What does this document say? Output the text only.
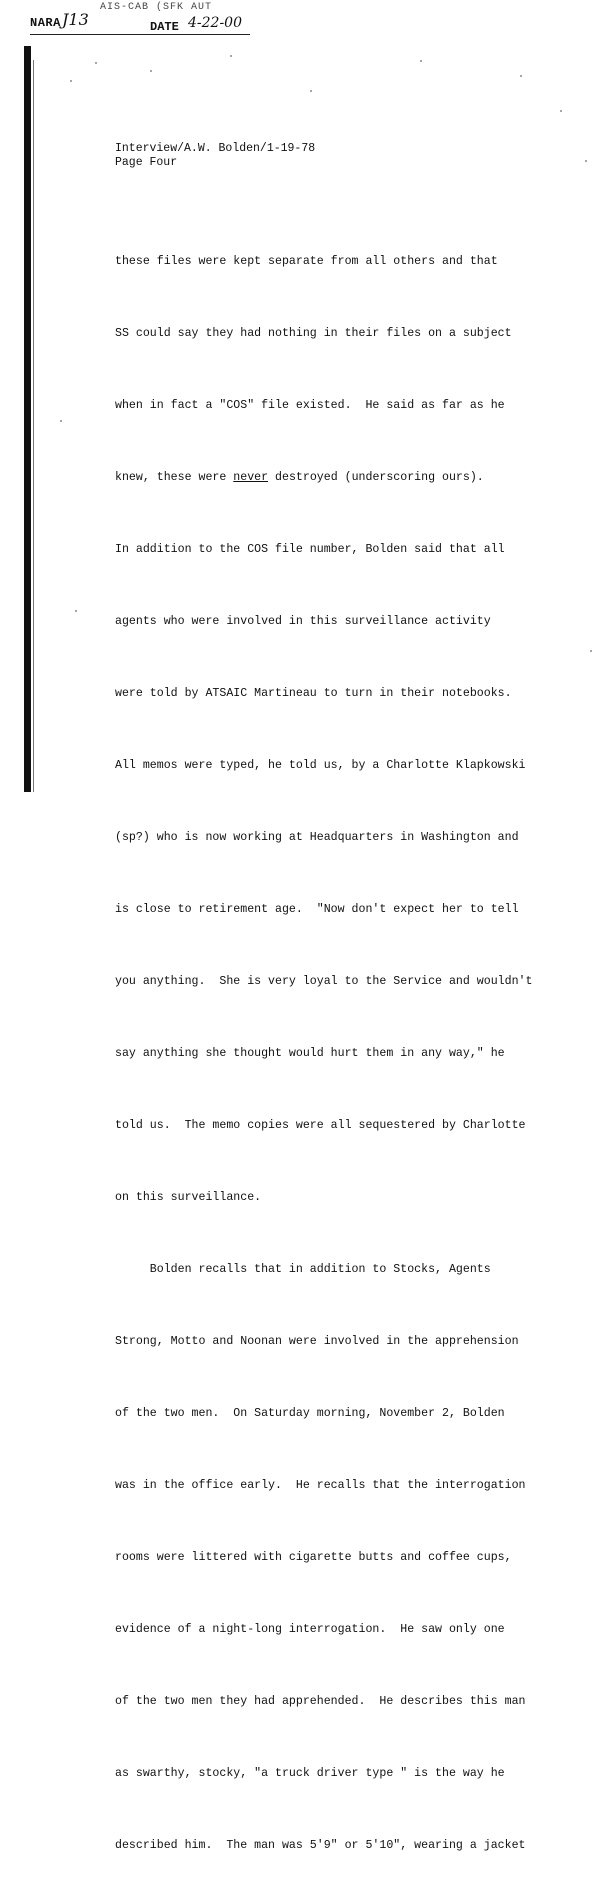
AIS-CAB (SFK AUT
NARA J13	DATE 4-22-00
Interview/A.W. Bolden/1-19-78
Page Four

these files were kept separate from all others and that

SS could say they had nothing in their files on a subject

when in fact a "COS" file existed.  He said as far as he

knew, these were never destroyed (underscoring ours).

In addition to the COS file number, Bolden said that all

agents who were involved in this surveillance activity

were told by ATSAIC Martineau to turn in their notebooks.

All memos were typed, he told us, by a Charlotte Klapkowski

(sp?) who is now working at Headquarters in Washington and

is close to retirement age.  "Now don't expect her to tell

you anything.  She is very loyal to the Service and wouldn't

say anything she thought would hurt them in any way," he

told us.  The memo copies were all sequestered by Charlotte

on this surveillance.

Bolden recalls that in addition to Stocks, Agents

Strong, Motto and Noonan were involved in the apprehension

of the two men.  On Saturday morning, November 2, Bolden

was in the office early.  He recalls that the interrogation

rooms were littered with cigarette butts and coffee cups,

evidence of a night-long interrogation.  He saw only one

of the two men they had apprehended.  He describes this man

as swarthy, stocky, "a truck driver type " is the way he

described him.  The man was 5'9" or 5'10", wearing a jacket
